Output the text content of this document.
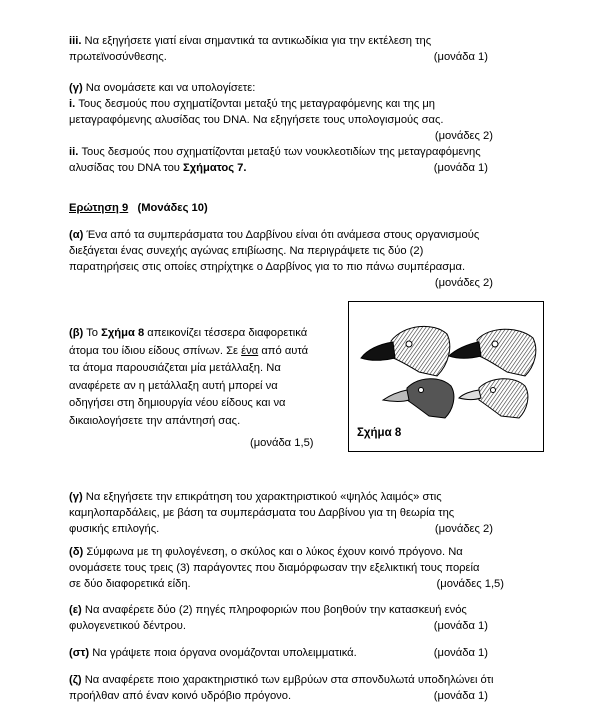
iii. Να εξηγήσετε γιατί είναι σημαντικά τα αντικωδίκια για την εκτέλεση της
πρωτεϊνοσύνθεσης.	(μονάδα 1)
(γ) Να ονομάσετε και να υπολογίσετε:
i. Τους δεσμούς που σχηματίζονται μεταξύ της μεταγραφόμενης και της μη
μεταγραφόμενης αλυσίδας του DNA. Να εξηγήσετε τους υπολογισμούς σας.
(μονάδες 2)
ii. Τους δεσμούς που σχηματίζονται μεταξύ των νουκλεοτιδίων της μεταγραφόμενης
αλυσίδας του DNA του Σχήματος 7.	(μονάδα 1)
Ερώτηση 9 (Μονάδες 10)
(α) Ένα από τα συμπεράσματα του Δαρβίνου είναι ότι ανάμεσα στους οργανισμούς
διεξάγεται ένας συνεχής αγώνας επιβίωσης. Να περιγράψετε τις δύο (2)
παρατηρήσεις στις οποίες στηρίχτηκε ο Δαρβίνος για το πιο πάνω συμπέρασμα.
(μονάδες 2)
(β) Το Σχήμα 8 απεικονίζει τέσσερα διαφορετικά
άτομα του ίδιου είδους σπίνων. Σε ένα από αυτά
τα άτομα παρουσιάζεται μία μετάλλαξη. Να
αναφέρετε αν η μετάλλαξη αυτή μπορεί να
οδηγήσει στη δημιουργία νέου είδους και να
δικαιολογήσετε την απάντησή σας.
(μονάδα 1,5)
Σχήμα 8
(γ) Να εξηγήσετε την επικράτηση του χαρακτηριστικού «ψηλός λαιμός» στις
καμηλοπαρδάλεις, με βάση τα συμπεράσματα του Δαρβίνου για τη θεωρία της
φυσικής επιλογής.	(μονάδες 2)
(δ) Σύμφωνα με τη φυλογένεση, ο σκύλος και ο λύκος έχουν κοινό πρόγονο. Να
ονομάσετε τους τρεις (3) παράγοντες που διαμόρφωσαν την εξελικτική τους πορεία
σε δύο διαφορετικά είδη.	(μονάδες 1,5)
(ε) Να αναφέρετε δύο (2) πηγές πληροφοριών που βοηθούν την κατασκευή ενός
φυλογενετικού δέντρου.	(μονάδα 1)
(στ) Να γράψετε ποια όργανα ονομάζονται υπολειμματικά.	(μονάδα 1)
(ζ) Να αναφέρετε ποιο χαρακτηριστικό των εμβρύων στα σπονδυλωτά υποδηλώνει ότι
προήλθαν από έναν κοινό υδρόβιο πρόγονο.	(μονάδα 1)
